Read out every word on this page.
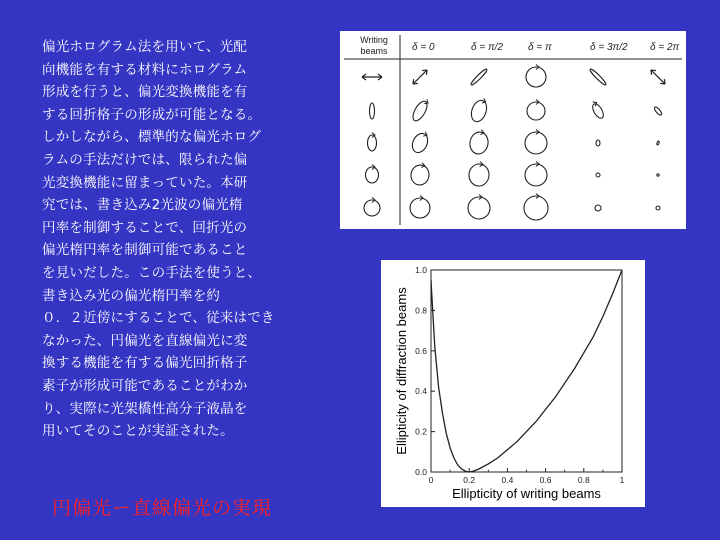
偏光ホログラム法を用いて、光配
向機能を有する材料にホログラム
形成を行うと、偏光変換機能を有
する回折格子の形成が可能となる。
しかしながら、標準的な偏光ホログ
ラムの手法だけでは、限られた偏
光変換機能に留まっていた。本研
究では、書き込み2光波の偏光楕
円率を制御することで、回折光の
偏光楕円率を制御可能であること
を見いだした。この手法を使うと、
書き込み光の偏光楕円率を約
０．２近傍にすることで、従来はでき
なかった、円偏光を直線偏光に変
換する機能を有する偏光回折格子
素子が形成可能であることがわか
り、実際に光架橋性高分子液晶を
用いてそのことが実証された。
Writing
beams δ = 0	δ = π/2	δ = π	δ = 3π/2 δ = 2π
0	0.2	0.4	0.6	0.8	1
0.0
0.2
0.4
0.6
0.8
1.0
Ellipticity of writing beams
Ellipticity of diffraction beams
円偏光ー直線偏光の実現
